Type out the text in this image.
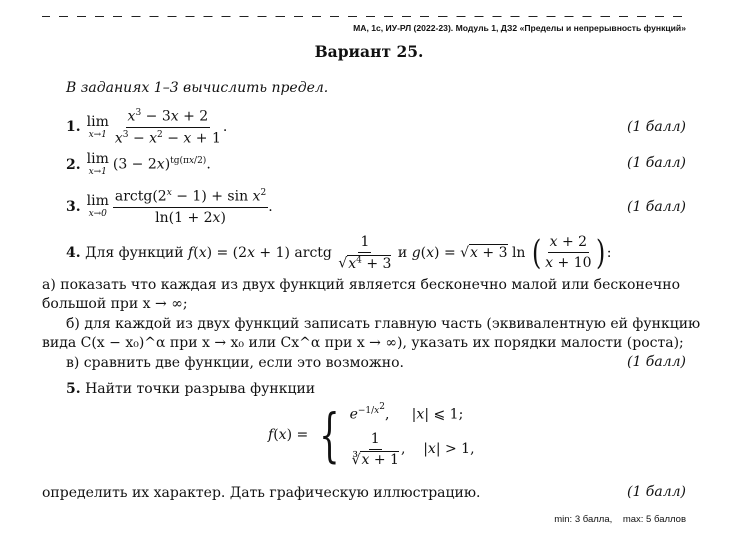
МА, 1с, ИУ-РЛ (2022-23). Модуль 1, ДЗ2 «Пределы и непрерывность функций»
Вариант 25.
В заданиях 1–3 вычислить предел.
1. lim
$x\to 1 \frac{x^3 - 3x + 2}{x^3 - x^2 - x + 1}$ .	(1 балл)
2. lim
x→1 $(3 - 2x)^{tg(\pi x/2)}$.	(1 балл)
3. lim
$x\to 0 \frac{arctg(2^x - 1) + \sin x^2}{\ln(1 + 2x)}$ .	(1 балл)
4.
Для функций
f(x) = (2x + 1) arctg $\frac{1}{√x^4 + 3}$ и g(x) = √x + 3 ln ( $\frac{x + 2}{x + 10}$ ) :
а) показать что каждая из двух функций является бесконечно малой или бесконечно
большой при x → ∞;
б) для каждой из двух функций записать главную часть (эквивалентную ей функцию
вида C(x − x₀)^α при x → x₀ или Cx^α при x → ∞), указать их порядки малости (роста);
в) сравнить две функции, если это возможно.	(1 балл)
5. Найти точки разрыва функции
f(x) = { $e^{-1/x^2}$,     |x| ⩽ 1;
$\frac{1}{∛x + 1}$ ,    |x| > 1,
определить их характер. Дать графическую иллюстрацию.	(1 балл)
min: 3 балла,    max: 5 баллов
